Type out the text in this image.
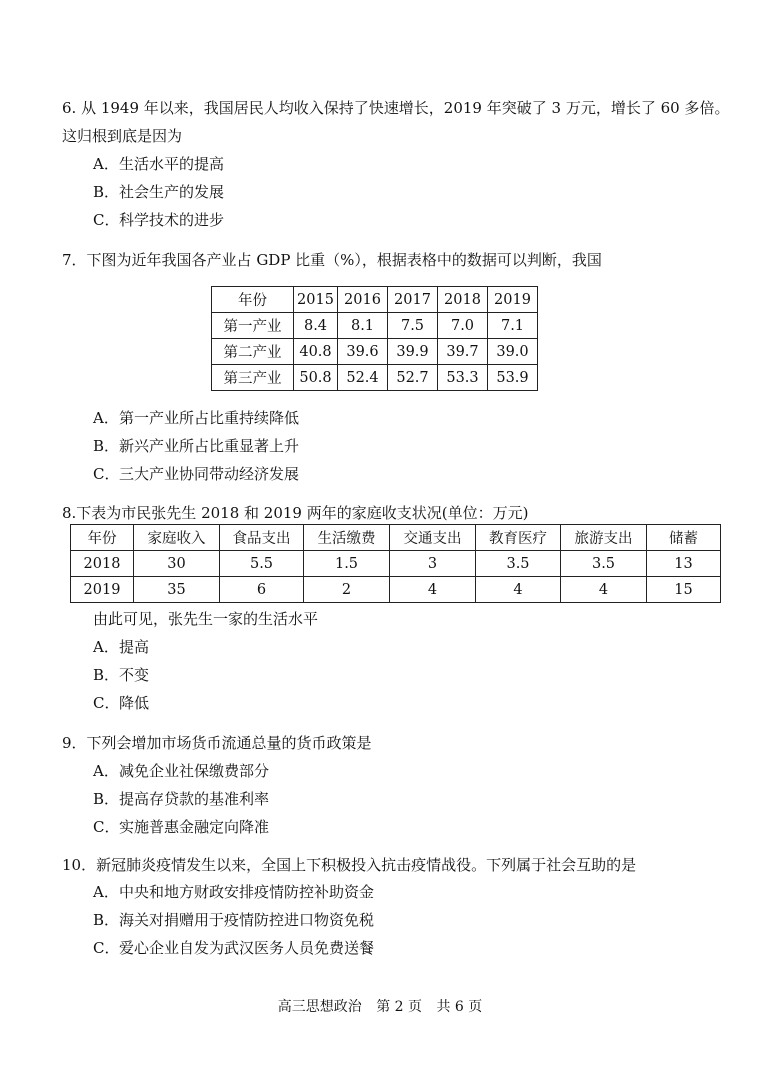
6. 从 1949 年以来，我国居民人均收入保持了快速增长，2019 年突破了 3 万元，增长了 60 多倍。
这归根到底是因为
A．生活水平的提高
B．社会生产的发展
C．科学技术的进步
7．下图为近年我国各产业占 GDP 比重（%），根据表格中的数据可以判断，我国
年份	2015	2016	2017	2018	2019
第一产业	8.4	8.1	7.5	7.0	7.1
第二产业	40.8	39.6	39.9	39.7	39.0
第三产业	50.8	52.4	52.7	53.3	53.9
A．第一产业所占比重持续降低
B．新兴产业所占比重显著上升
C．三大产业协同带动经济发展
8.下表为市民张先生 2018 和 2019 两年的家庭收支状况(单位：万元)
年份	家庭收入	食品支出	生活缴费	交通支出	教育医疗	旅游支出	储蓄
2018	30	5.5	1.5	3	3.5	3.5	13
2019	35	6	2	4	4	4	15
由此可见，张先生一家的生活水平
A．提高
B．不变
C．降低
9．下列会增加市场货币流通总量的货币政策是
A．减免企业社保缴费部分
B．提高存贷款的基准利率
C．实施普惠金融定向降准
10．新冠肺炎疫情发生以来，全国上下积极投入抗击疫情战役。下列属于社会互助的是
A．中央和地方财政安排疫情防控补助资金
B．海关对捐赠用于疫情防控进口物资免税
C．爱心企业自发为武汉医务人员免费送餐
高三思想政治 第 2 页 共 6 页
